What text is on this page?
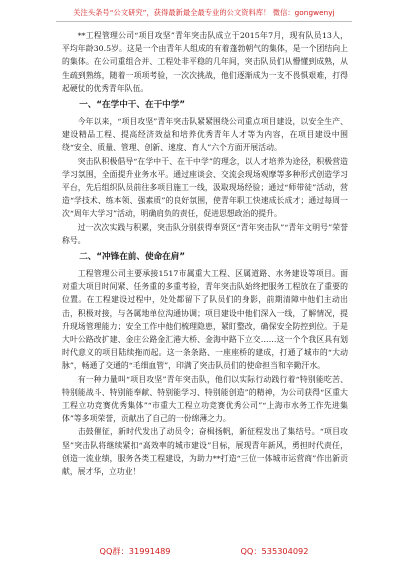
关注头条号“公文研究”，获得最新最全最专业的公文资料库！ 微信：gongwenyj

**工程管理公司“项目攻坚”青年突击队成立于2015年7月，现有队员13人，平均年龄30.5岁。这是一个由青年人组成的有着蓬勃朝气的集体，是一个团结向上的集体。在公司重组合并、工程处非平稳的几年间，突击队员们从懵懂到成熟，从生疏到熟练，随着一项项考验，一次次挑战，他们逐渐成为一支不畏惧艰难，打得起硬仗的优秀青年队伍。

一、“在学中干、在干中学”

今年以来，“项目攻坚”青年突击队紧紧围绕公司重点项目建设，以安全生产、建设精品工程、提高经济效益和培养优秀青年人才等为内容，在项目建设中围绕“安全、质量、管理、创新、速度、育人”六个方面开展活动。

突击队积极倡导“在学中干、在干中学”的理念，以人才培养为途径，积极营造学习氛围，全面提升业务水平。通过座谈会、交流会现场观摩等多种形式创造学习平台，先后组织队员前往多项目施工一线，汲取现场经验；通过“师带徒”活动，营造“学技术、练本领、强素质”的良好氛围，使青年职工快速成长成才；通过每周一次“周年大学习”活动，明确肩负的责任，促进思想政治的提升。

过一次次实践与积累，突击队分别获得奉贤区“青年突击队”“青年文明号”荣誉称号。

二、“冲锋在前、使命在肩”

工程管理公司主要承接1517市属重大工程、区属道路、水务建设等项目。面对重大项目时间紧、任务重的多重考验，青年突击队始终把服务工程放在了重要的位置。在工程建设过程中，处处都留下了队员们的身影，前期清障中他们主动出击，积极对接，与各属地单位沟通协调；项目建设中他们深入一线，了解情况，提升现场管理能力；安全工作中他们梳理隐患，紧盯整改，确保安全防控到位。于是大叶公路改扩建、金庄公路金汇港大桥、金海中路下立交……这一个个我区具有划时代意义的项目陆续拖而起。这一条条路、一座座桥的建成，打通了城市的“大动脉”，畅通了交通的“毛细血管”，印满了突击队员们的使命担当和辛勤汗水。

有一种力量叫“项目攻坚”青年突击队，他们以实际行动践行着“特别能吃苦、特别能战斗、特别能奉献、特别能学习、特别能创造”的精神，为公司获得“区重大工程立功竞赛优秀集体”“市重大工程立功竞赛优秀公司”“上海市水务工作先进集体”等多项荣誉，贡献出了自己的一份绵薄之力。

击鼓催征，新时代发出了动员令；奋楫扬帆，新征程发出了集结号。“项目攻坚”突击队将继续紧扣“高效率的城市建设”目标，展现青年新风，勇担时代责任，创造一流业绩，服务各类工程建设，为助力**打造“三位一体城市运营商”作出新贡献，展才华，立功业！

QQ群：31991489	QQ：535304092
